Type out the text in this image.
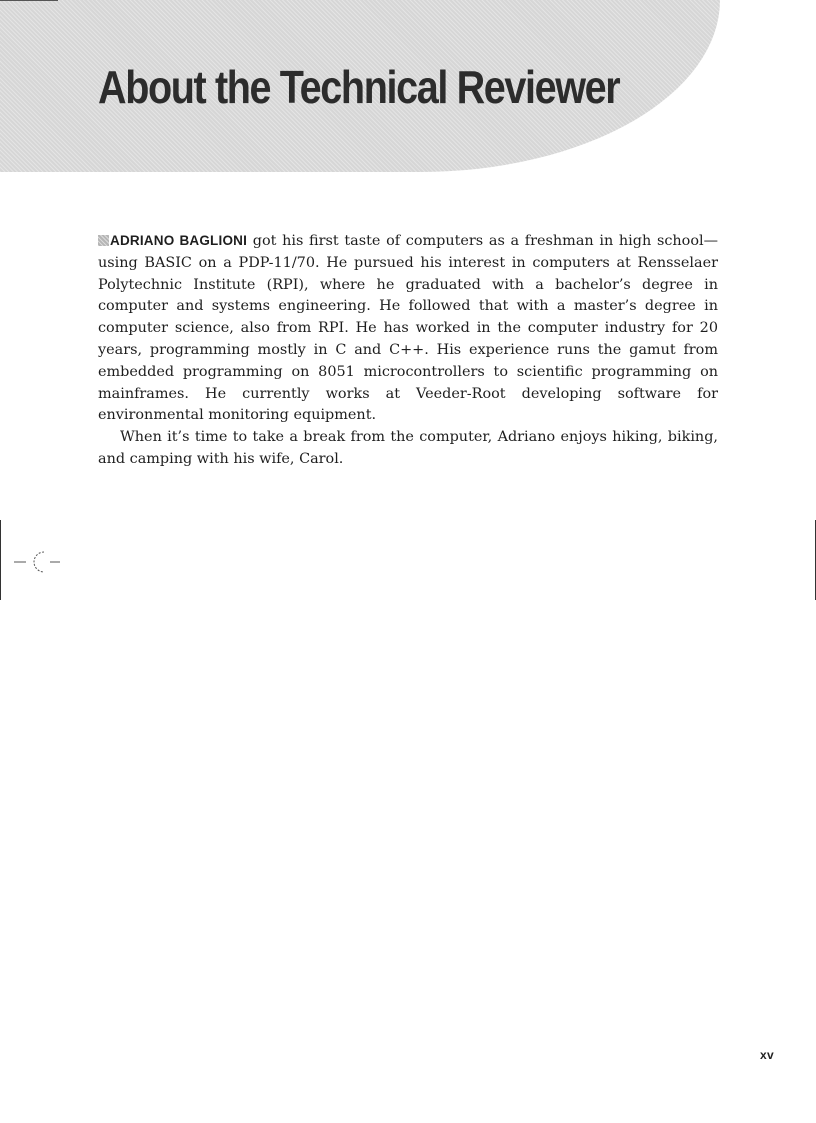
About the Technical Reviewer

ADRIANO BAGLIONI got his first taste of computers as a freshman in high school—using BASIC on a PDP-11/70. He pursued his interest in computers at Rensselaer Polytechnic Institute (RPI), where he graduated with a bachelor’s degree in computer and systems engineering. He followed that with a master’s degree in computer science, also from RPI. He has worked in the computer industry for 20 years, programming mostly in C and C++. His experience runs the gamut from embedded programming on 8051 microcontrollers to scientific programming on mainframes. He currently works at Veeder-Root developing software for environmental monitoring equipment.

When it’s time to take a break from the computer, Adriano enjoys hiking, biking, and camping with his wife, Carol.

xv
